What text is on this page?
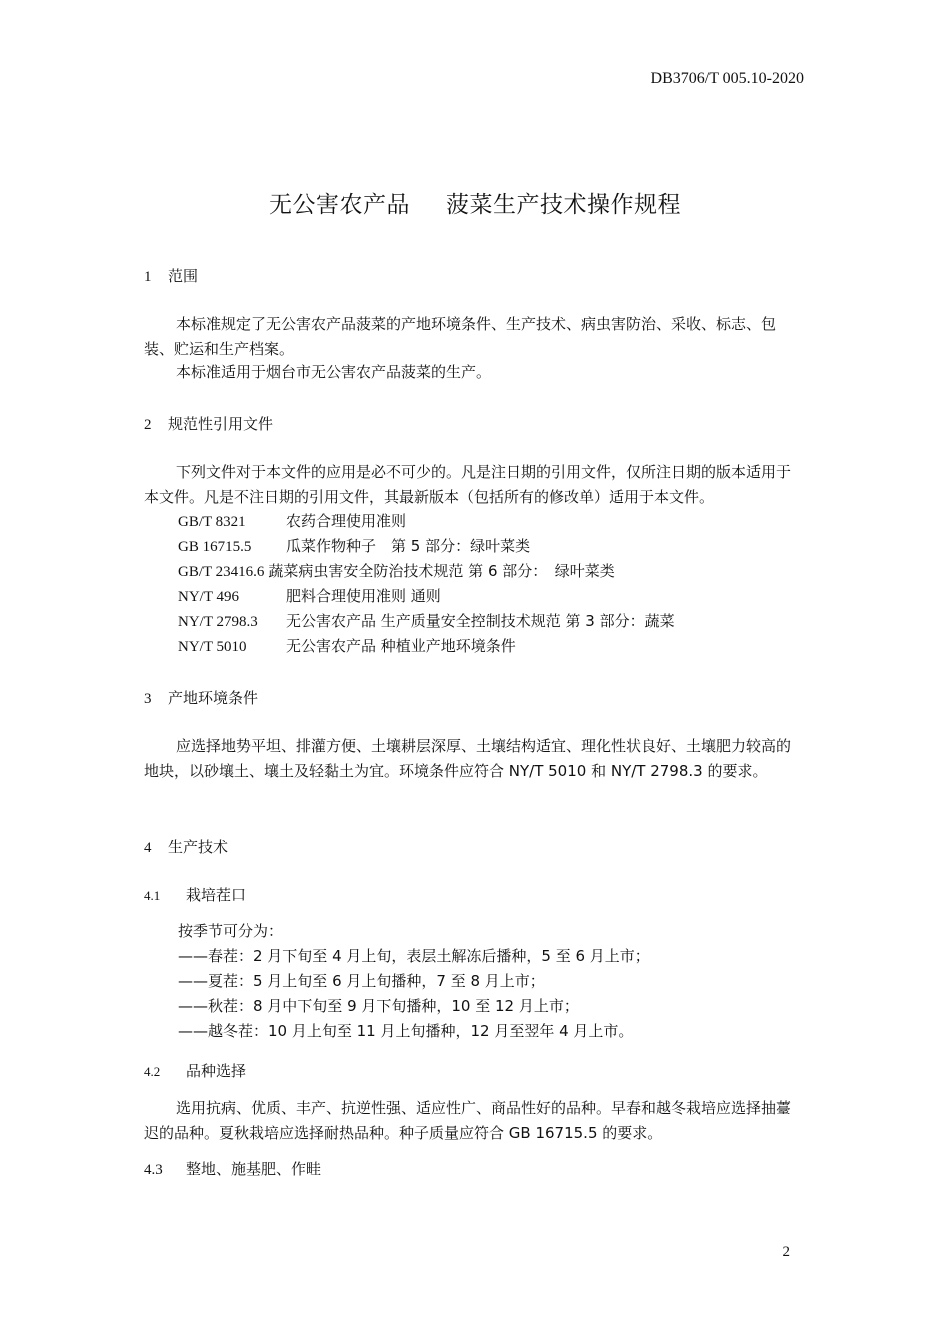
DB3706/T 005.10-2020
无公害农产品 菠菜生产技术操作规程
1 范围
本标准规定了无公害农产品菠菜的产地环境条件、生产技术、病虫害防治、采收、标志、包装、贮运和生产档案。
本标准适用于烟台市无公害农产品菠菜的生产。
2 规范性引用文件
下列文件对于本文件的应用是必不可少的。凡是注日期的引用文件，仅所注日期的版本适用于本文件。凡是不注日期的引用文件，其最新版本（包括所有的修改单）适用于本文件。
GB/T 8321	农药合理使用准则
GB 16715.5 瓜菜作物种子　第 5 部分：绿叶菜类
GB/T 23416.6 蔬菜病虫害安全防治技术规范 第 6 部分：　绿叶菜类
NY/T 496	肥料合理使用准则 通则
NY/T 2798.3 无公害农产品 生产质量安全控制技术规范 第 3 部分：蔬菜
NY/T 5010	无公害农产品 种植业产地环境条件
3 产地环境条件
应选择地势平坦、排灌方便、土壤耕层深厚、土壤结构适宜、理化性状良好、土壤肥力较高的地块，以砂壤土、壤土及轻黏土为宜。环境条件应符合 NY/T 5010 和 NY/T 2798.3 的要求。
4 生产技术
4.1 栽培茬口
按季节可分为：
——春茬：2 月下旬至 4 月上旬，表层土解冻后播种，5 至 6 月上市；
——夏茬：5 月上旬至 6 月上旬播种，7 至 8 月上市；
——秋茬：8 月中下旬至 9 月下旬播种，10 至 12 月上市；
——越冬茬：10 月上旬至 11 月上旬播种，12 月至翌年 4 月上市。
4.2 品种选择
选用抗病、优质、丰产、抗逆性强、适应性广、商品性好的品种。早春和越冬栽培应选择抽薹迟的品种。夏秋栽培应选择耐热品种。种子质量应符合 GB 16715.5 的要求。
4.3 整地、施基肥、作畦
2
